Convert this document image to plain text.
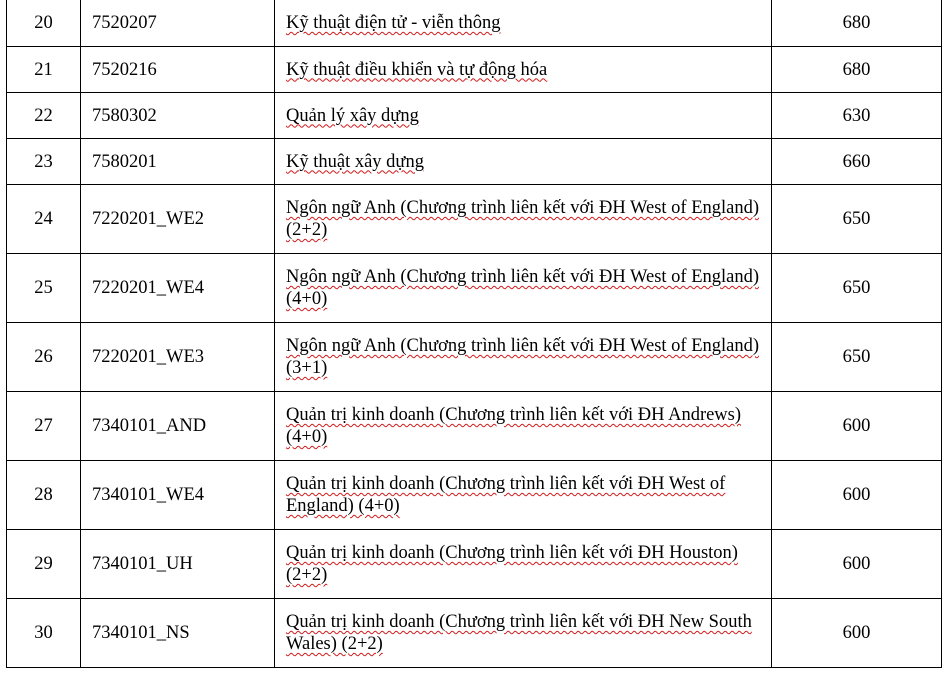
20	7520207	Kỹ thuật điện tử - viễn thông	680
21	7520216	Kỹ thuật điều khiển và tự động hóa	680
22	7580302	Quản lý xây dựng	630
23	7580201	Kỹ thuật xây dựng	660
24	7220201_WE2	Ngôn ngữ Anh (Chương trình liên kết với ĐH West of England) (2+2)	650
25	7220201_WE4	Ngôn ngữ Anh (Chương trình liên kết với ĐH West of England) (4+0)	650
26	7220201_WE3	Ngôn ngữ Anh (Chương trình liên kết với ĐH West of England) (3+1)	650
27	7340101_AND	Quản trị kinh doanh (Chương trình liên kết với ĐH Andrews) (4+0)	600
28	7340101_WE4	Quản trị kinh doanh (Chương trình liên kết với ĐH West of England) (4+0)	600
29	7340101_UH	Quản trị kinh doanh (Chương trình liên kết với ĐH Houston) (2+2)	600
30	7340101_NS	Quản trị kinh doanh (Chương trình liên kết với ĐH New South Wales) (2+2)	600
